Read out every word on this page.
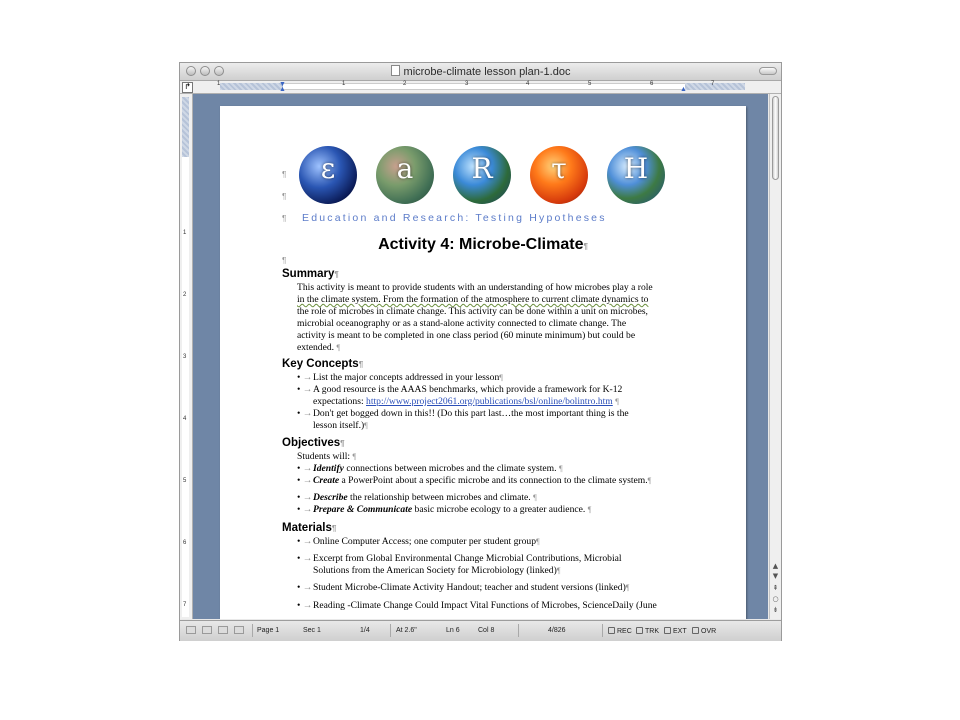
microbe-climate lesson plan-1.doc
↱	1	1	2	3	4	5	6	7
▼
▲	▲
1
2
3
4
5
6
7
¶
¶
¶
ɛ	a	R	τ	H
Education and Research: Testing Hypotheses
Activity 4: Microbe-Climate¶
¶
Summary¶
This activity is meant to provide students with an understanding of how microbes play a role
in the climate system. From the formation of the atmosphere to current climate dynamics to
the role of microbes in climate change. This activity can be done within a unit on microbes,
microbial oceanography or as a stand-alone activity connected to climate change. The
activity is meant to be completed in one class period (60 minute minimum) but could be
extended. ¶
Key Concepts¶
• → List the major concepts addressed in your lesson¶
• → A good resource is the AAAS benchmarks, which provide a framework for K-12
expectations: http://www.project2061.org/publications/bsl/online/bolintro.htm ¶
• → Don't get bogged down in this!! (Do this part last…the most important thing is the
lesson itself.)¶
Objectives¶
Students will: ¶
• → Identify connections between microbes and the climate system. ¶
• → Create a PowerPoint about a specific microbe and its connection to the climate system.¶
• → Describe the relationship between microbes and climate. ¶
• → Prepare & Communicate basic microbe ecology to a greater audience. ¶
Materials¶
• → Online Computer Access; one computer per student group¶
• → Excerpt from Global Environmental Change Microbial Contributions, Microbial
Solutions from the American Society for Microbiology (linked)¶
• → Student Microbe-Climate Activity Handout; teacher and student versions (linked)¶
• → Reading -Climate Change Could Impact Vital Functions of Microbes, ScienceDaily (June
▲
▼
⇞
○
⇟
Page 1	Sec 1	1/4	At 2.6"	Ln 6	Col 8	4/826	REC	TRK	EXT	OVR
